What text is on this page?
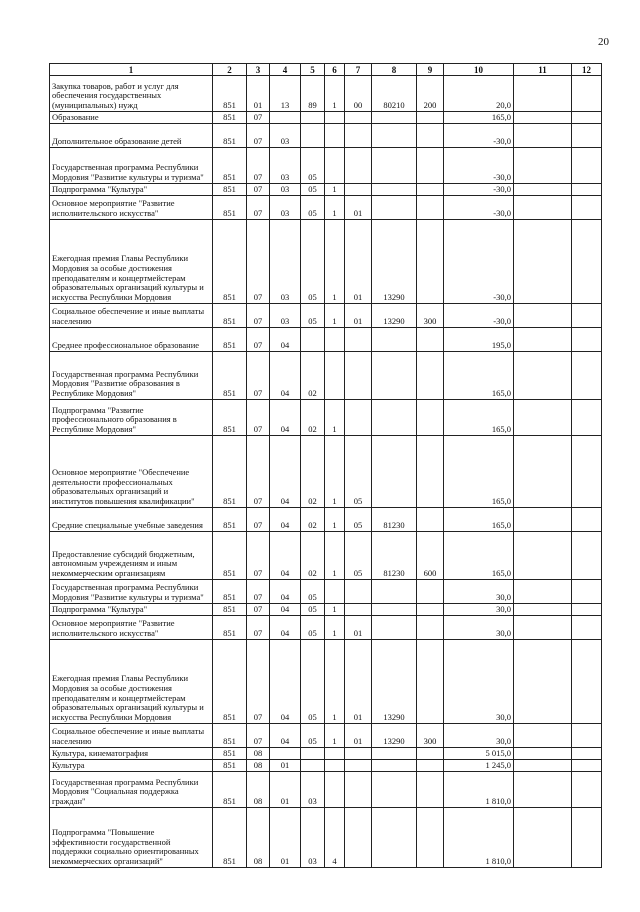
20
1	2	3	4	5	6	7	8	9	10	11	12
Закупка товаров, работ и услуг для обеспечения государственных (муниципальных) нужд	851	01	13	89	1	00	80210	200	20,0		
Образование	851	07							165,0		
Дополнительное образование детей	851	07	03						-30,0		
Государственная программа Республики Мордовия "Развитие культуры и туризма"	851	07	03	05					-30,0		
Подпрограмма "Культура"	851	07	03	05	1				-30,0		
Основное мероприятие "Развитие исполнительского искусства"	851	07	03	05	1	01			-30,0		
Ежегодная премия Главы Республики Мордовия за особые достижения преподавателям и концертмейстерам образовательных организаций культуры и искусства Республики Мордовия	851	07	03	05	1	01	13290		-30,0		
Социальное обеспечение и иные выплаты населению	851	07	03	05	1	01	13290	300	-30,0		
Среднее профессиональное образование	851	07	04						195,0		
Государственная программа Республики Мордовия "Развитие образования в Республике Мордовия"	851	07	04	02					165,0		
Подпрограмма "Развитие профессионального образования в Республике Мордовия"	851	07	04	02	1				165,0		
Основное мероприятие "Обеспечение деятельности профессиональных образовательных организаций и институтов повышения квалификации"	851	07	04	02	1	05			165,0		
Средние специальные учебные заведения	851	07	04	02	1	05	81230		165,0		
Предоставление субсидий бюджетным, автономным учреждениям и иным некоммерческим организациям	851	07	04	02	1	05	81230	600	165,0		
Государственная программа Республики Мордовия "Развитие культуры и туризма"	851	07	04	05					30,0		
Подпрограмма "Культура"	851	07	04	05	1				30,0		
Основное мероприятие "Развитие исполнительского искусства"	851	07	04	05	1	01			30,0		
Ежегодная премия Главы Республики Мордовия за особые достижения преподавателям и концертмейстерам образовательных организаций культуры и искусства Республики Мордовия	851	07	04	05	1	01	13290		30,0		
Социальное обеспечение и иные выплаты населению	851	07	04	05	1	01	13290	300	30,0		
Культура, кинематография	851	08							5 015,0		
Культура	851	08	01						1 245,0		
Государственная программа Республики Мордовия "Социальная поддержка граждан"	851	08	01	03					1 810,0		
Подпрограмма "Повышение эффективности государственной поддержки социально ориентированных некоммерческих организаций"	851	08	01	03	4				1 810,0		
